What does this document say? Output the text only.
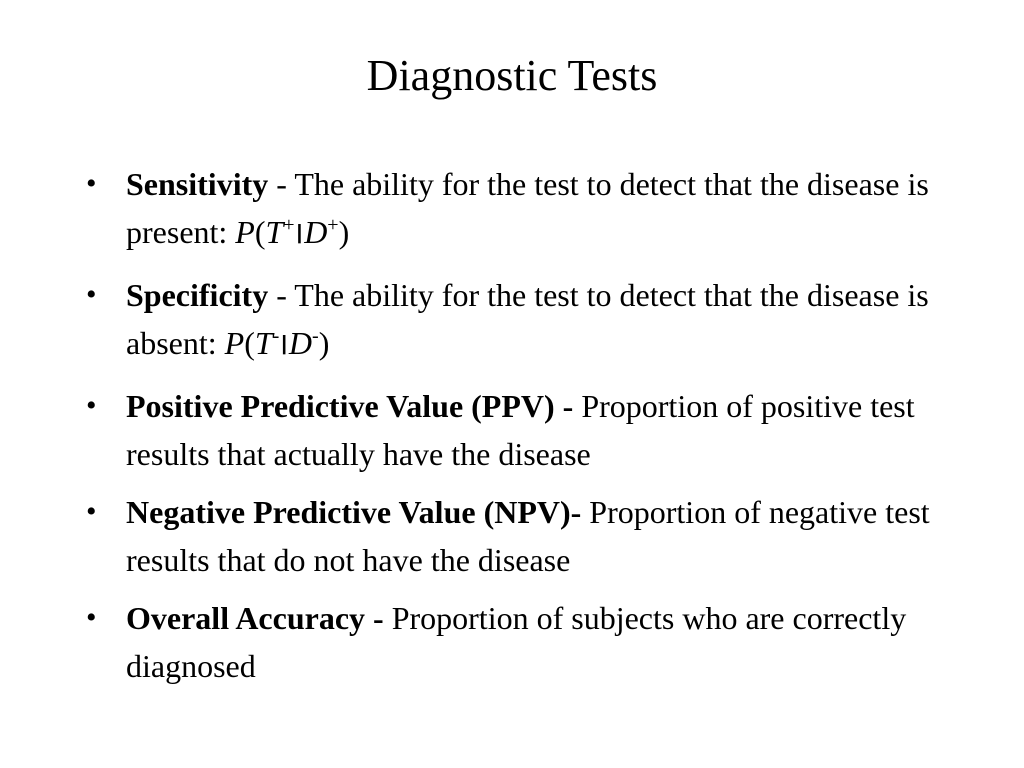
Diagnostic Tests
• Sensitivity - The ability for the test to detect that the disease is present: P(T+ |D+)
• Specificity - The ability for the test to detect that the disease is absent: P(T- |D-)
• Positive Predictive Value (PPV) - Proportion of positive test results that actually have the disease
• Negative Predictive Value (NPV)- Proportion of negative test results that do not have the disease
• Overall Accuracy - Proportion of subjects who are correctly diagnosed
